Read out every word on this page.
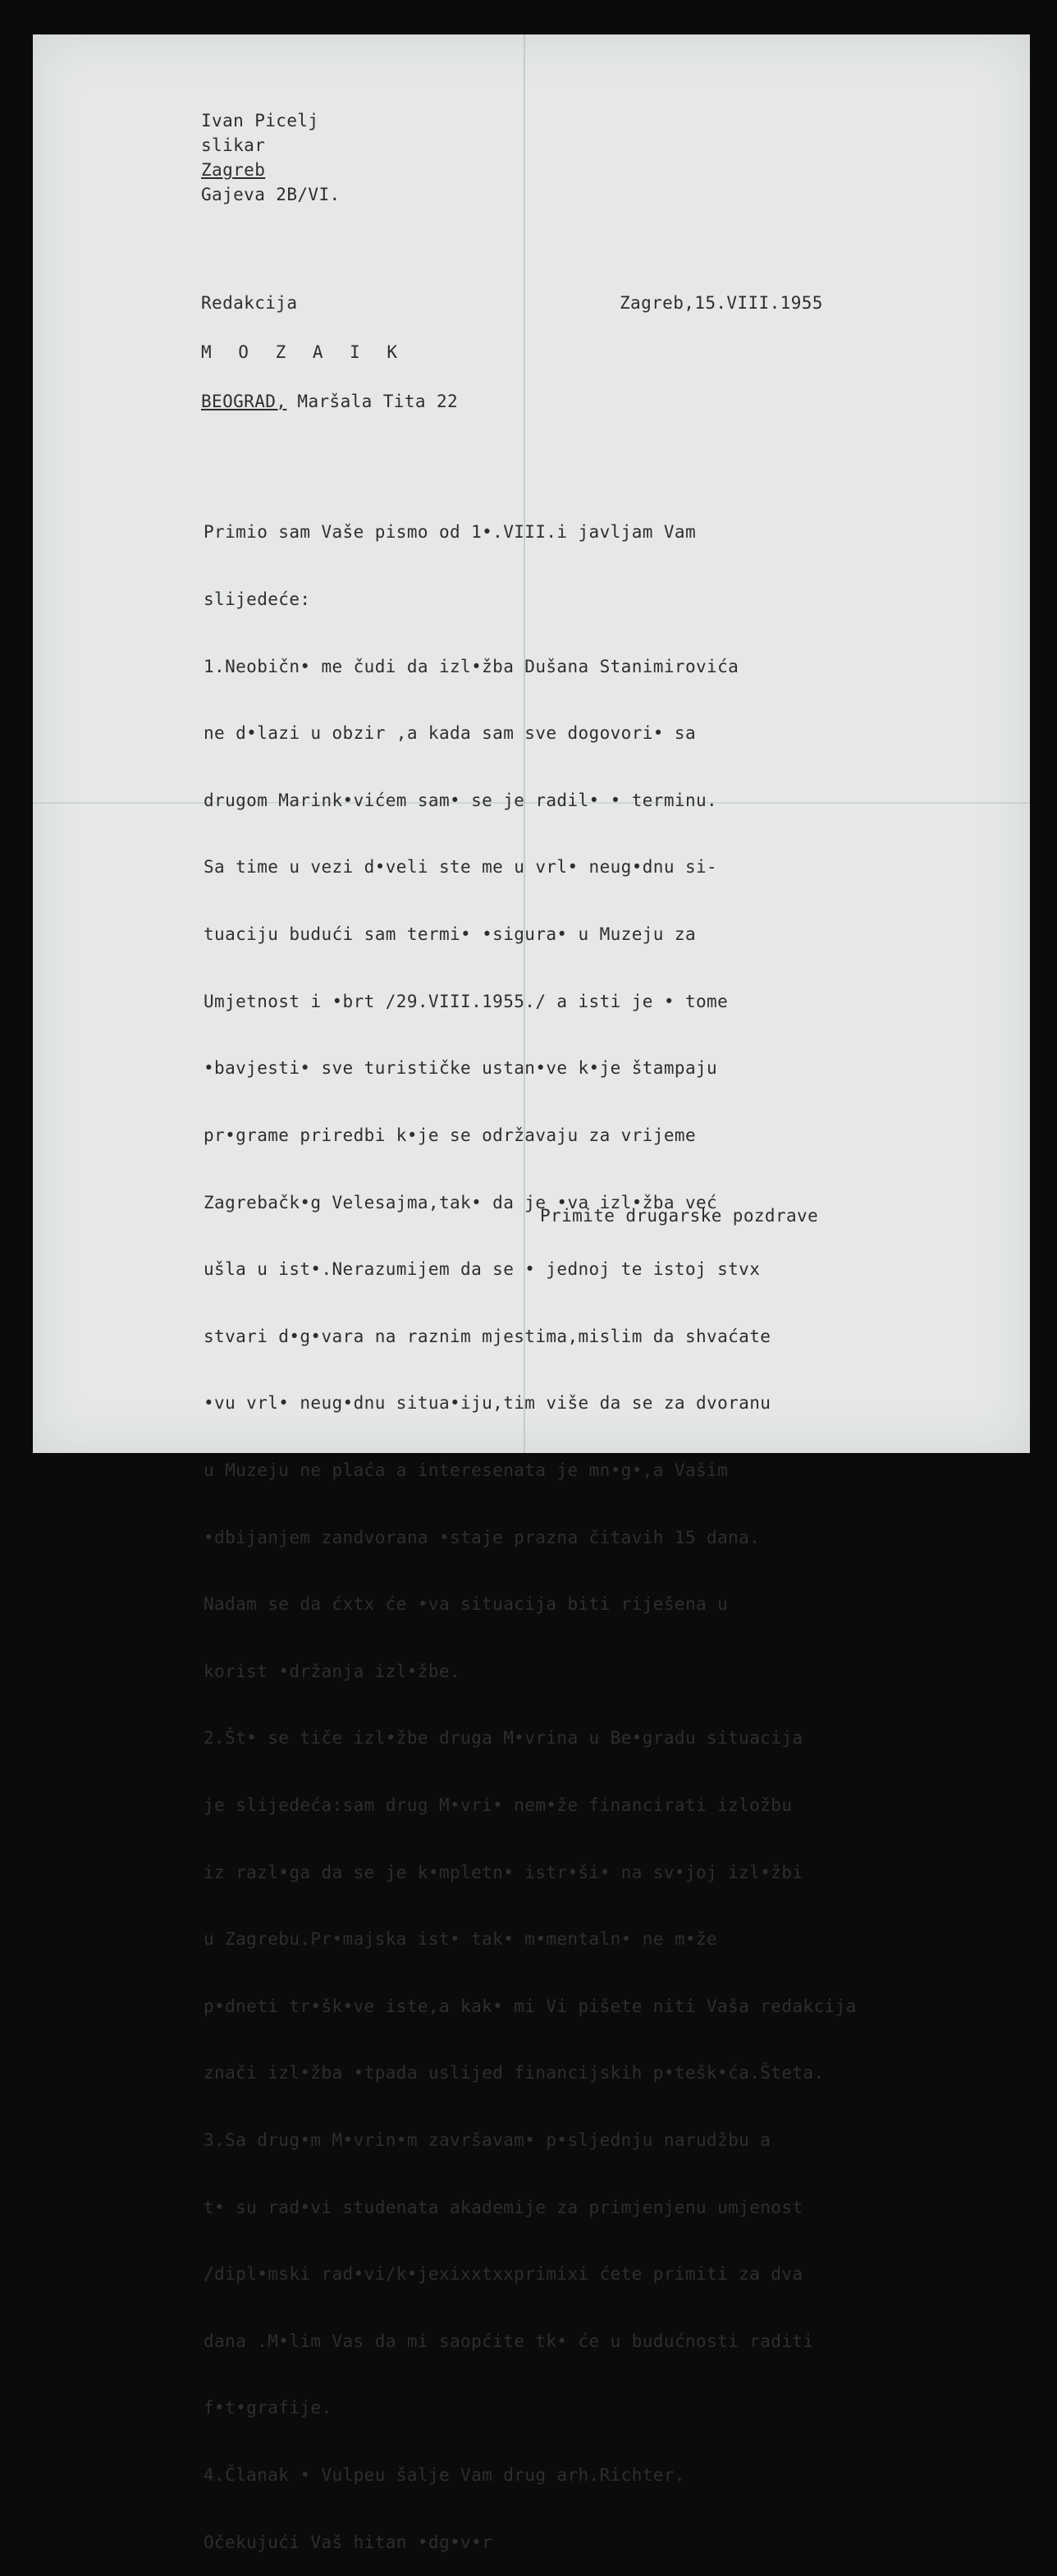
Ivan Picelj
slikar
Zagreb
Gajeva 2B/VI.
Redakcija	Zagreb,15.VIII.1955
M O Z A I K
BEOGRAD, Maršala Tita 22

Primio sam Vaše pismo od 1•.VIII.i javljam Vam

slijedeće:

1.Neobičn• me čudi da izl•žba Dušana Stanimirovića

ne d•lazi u obzir ,a kada sam sve dogovori• sa

drugom Marink•vićem sam• se je radil• • terminu.

Sa time u vezi d•veli ste me u vrl• neug•dnu si-

tuaciju budući sam termi• •sigura• u Muzeju za

Umjetnost i •brt /29.VIII.1955./ a isti je • tome

•bavjesti• sve turističke ustan•ve k•je štampaju

pr•grame priredbi k•je se održavaju za vrijeme

Zagrebačk•g Velesajma,tak• da je •va izl•žba već

ušla u ist•.Nerazumijem da se • jednoj te istoj stvx

stvari d•g•vara na raznim mjestima,mislim da shvaćate

•vu vrl• neug•dnu situa•iju,tim više da se za dvoranu

u Muzeju ne plaća a interesenata je mn•g•,a Vašim

•dbijanjem zandvorana •staje prazna čitavih 15 dana.

Nadam se da ćxtx će •va situacija biti riješena u

korist •držanja izl•žbe.

2.Št• se tiče izl•žbe druga M•vrina u Be•gradu situacija

je slijedeća:sam drug M•vri• nem•že financirati izložbu

iz razl•ga da se je k•mpletn• istr•ši• na sv•joj izl•žbi

u Zagrebu.Pr•majska ist• tak• m•mentaln• ne m•že

p•dneti tr•šk•ve iste,a kak• mi Vi pišete niti Vaša redakcija

znači izl•žba •tpada uslijed financijskih p•tešk•ća.Šteta.

3.Sa drug•m M•vrin•m završavam• p•sljednju narudžbu a

t• su rad•vi studenata akademije za primjenjenu umjenost

/dipl•mski rad•vi/k•jexixxtxxprimixi ćete primiti za dva

dana .M•lim Vas da mi saopćite tk• će u budućnosti raditi

f•t•grafije.

4.Članak • Vulpeu šalje Vam drug arh.Richter.

Očekujući Vaš hitan •dg•v•r

Primite drugarske pozdrave
